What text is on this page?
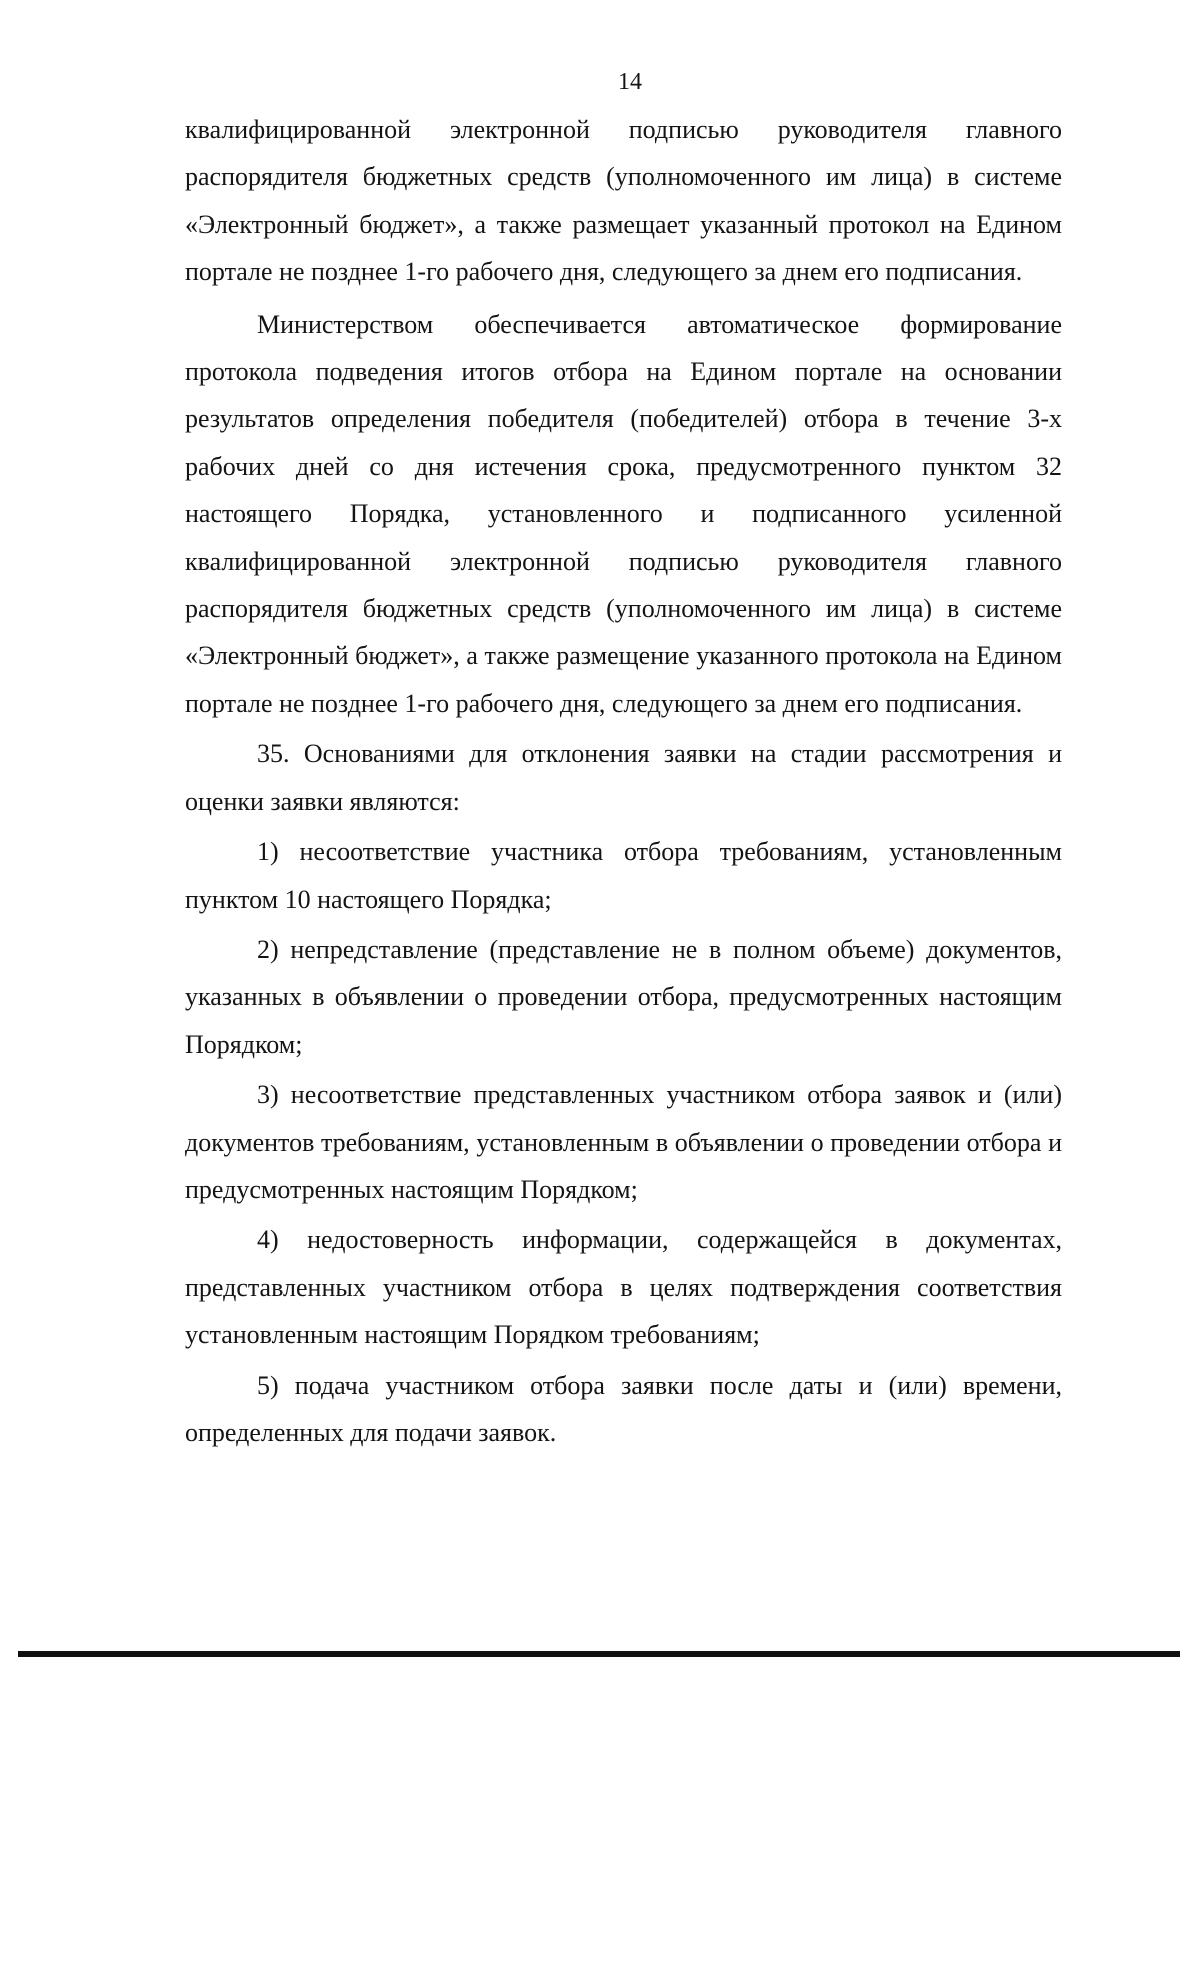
14

квалифицированной электронной подписью руководителя главного распорядителя бюджетных средств (уполномоченного им лица) в системе «Электронный бюджет», а также размещает указанный протокол на Едином портале не позднее 1-го рабочего дня, следующего за днем его подписания.

Министерством обеспечивается автоматическое формирование протокола подведения итогов отбора на Едином портале на основании результатов определения победителя (победителей) отбора в течение 3-х рабочих дней со дня истечения срока, предусмотренного пунктом 32 настоящего Порядка, установленного и подписанного усиленной квалифицированной электронной подписью руководителя главного распорядителя бюджетных средств (уполномоченного им лица) в системе «Электронный бюджет», а также размещение указанного протокола на Едином портале не позднее 1-го рабочего дня, следующего за днем его подписания.

35. Основаниями для отклонения заявки на стадии рассмотрения и оценки заявки являются:

1) несоответствие участника отбора требованиям, установленным пунктом 10 настоящего Порядка;

2) непредставление (представление не в полном объеме) документов, указанных в объявлении о проведении отбора, предусмотренных настоящим Порядком;

3) несоответствие представленных участником отбора заявок и (или) документов требованиям, установленным в объявлении о проведении отбора и предусмотренных настоящим Порядком;

4) недостоверность информации, содержащейся в документах, представленных участником отбора в целях подтверждения соответствия установленным настоящим Порядком требованиям;

5) подача участником отбора заявки после даты и (или) времени, определенных для подачи заявок.
